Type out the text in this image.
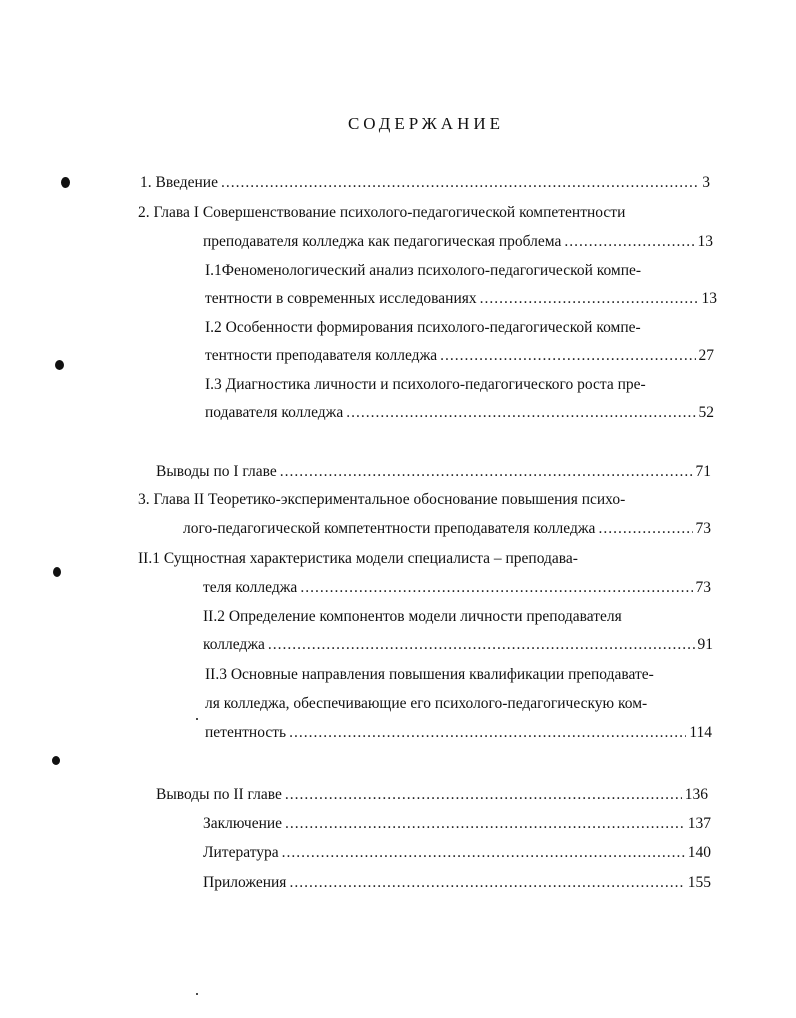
СОДЕРЖАНИЕ
1. Введение .....	3
2. Глава I Совершенствование психолого-педагогической компетентности
преподавателя колледжа как педагогическая проблема .....	13
I.1Феноменологический анализ психолого-педагогической компе-
тентности в современных исследованиях .....	13
I.2 Особенности формирования психолого-педагогической компе-
тентности преподавателя колледжа .....	27
I.3 Диагностика личности и психолого-педагогического роста пре-
подавателя колледжа .....	52
Выводы по I главе .....	71
3. Глава II Теоретико-экспериментальное обоснование повышения психо-
лого-педагогической компетентности преподавателя колледжа .....	73
II.1 Сущностная характеристика модели специалиста – преподава-
теля колледжа .....	73
II.2 Определение компонентов модели личности преподавателя
колледжа .....	91
II.3 Основные направления повышения квалификации преподавате-
ля колледжа, обеспечивающие его психолого-педагогическую ком-
петентность .....	114
Выводы по II главе .....	136
Заключение .....	137
Литература .....	140
Приложения .....	155
